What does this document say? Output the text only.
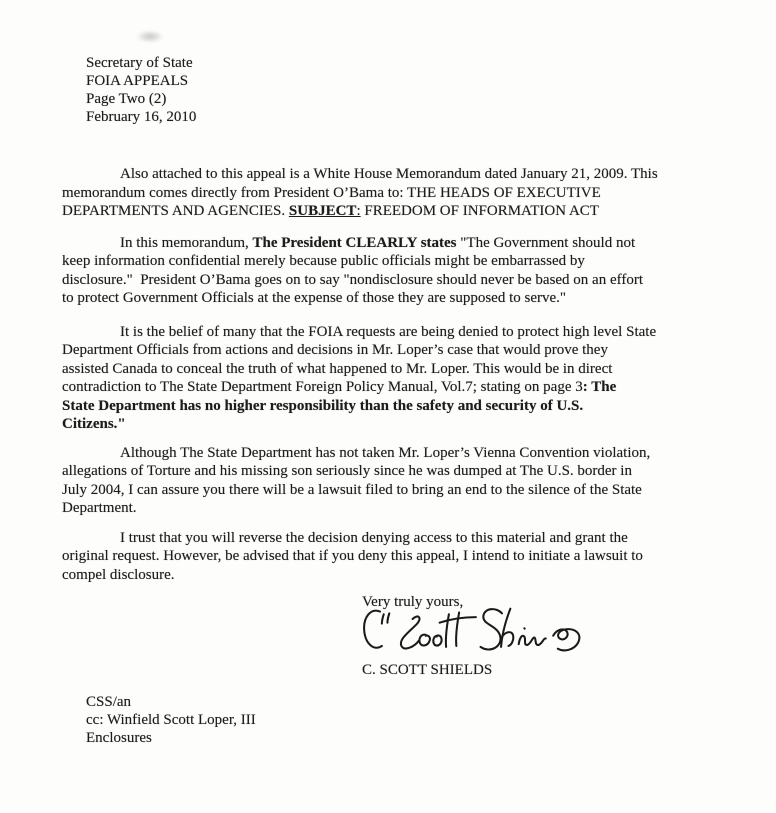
Secretary of State
FOIA APPEALS
Page Two (2)
February 16, 2010
Also attached to this appeal is a White House Memorandum dated January 21, 2009. This
memorandum comes directly from President O’Bama to: THE HEADS OF EXECUTIVE
DEPARTMENTS AND AGENCIES. SUBJECT: FREEDOM OF INFORMATION ACT
In this memorandum, The President CLEARLY states "The Government should not
keep information confidential merely because public officials might be embarrassed by
disclosure."  President O’Bama goes on to say "nondisclosure should never be based on an effort
to protect Government Officials at the expense of those they are supposed to serve."
It is the belief of many that the FOIA requests are being denied to protect high level State
Department Officials from actions and decisions in Mr. Loper’s case that would prove they
assisted Canada to conceal the truth of what happened to Mr. Loper. This would be in direct
contradiction to The State Department Foreign Policy Manual, Vol.7; stating on page 3: The
State Department has no higher responsibility than the safety and security of U.S.
Citizens."
Although The State Department has not taken Mr. Loper’s Vienna Convention violation,
allegations of Torture and his missing son seriously since he was dumped at The U.S. border in
July 2004, I can assure you there will be a lawsuit filed to bring an end to the silence of the State
Department.
I trust that you will reverse the decision denying access to this material and grant the
original request. However, be advised that if you deny this appeal, I intend to initiate a lawsuit to
compel disclosure.
Very truly yours,
C. SCOTT SHIELDS
CSS/an
cc: Winfield Scott Loper, III
Enclosures
